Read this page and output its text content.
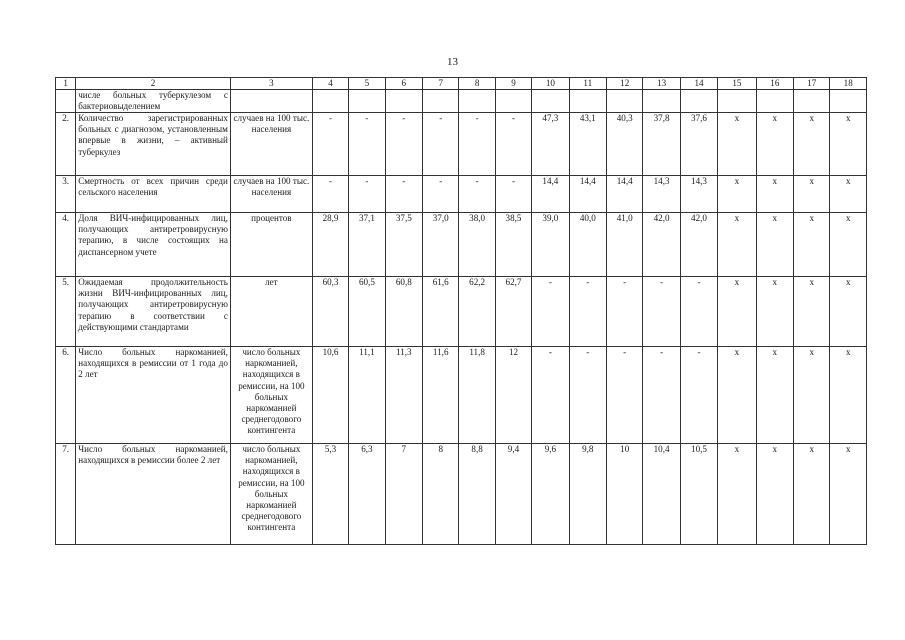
13
1	2	3	4	5	6	7	8	9	10	11	12	13	14	15	16	17	18
	числе больных туберкулезом с бактериовыделением																
2.	Количество зарегистрированных больных с диагнозом, установленным впервые в жизни, – активный туберкулез	случаев на 100 тыс. населения	-	-	-	-	-	-	47,3	43,1	40,3	37,8	37,6	x	x	x	x
3.	Смертность от всех причин среди сельского населения	случаев на 100 тыс. населения	-	-	-	-	-	-	14,4	14,4	14,4	14,3	14,3	x	x	x	x
4.	Доля ВИЧ-инфицированных лиц, получающих антиретровирусную терапию, в числе состоящих на диспансерном учете	процентов	28,9	37,1	37,5	37,0	38,0	38,5	39,0	40,0	41,0	42,0	42,0	x	x	x	x
5.	Ожидаемая продолжительность жизни ВИЧ-инфицированных лиц, получающих антиретровирусную терапию в соответствии с действующими стандартами	лет	60,3	60,5	60,8	61,6	62,2	62,7	-	-	-	-	-	x	x	x	x
6.	Число больных наркоманией, находящихся в ремиссии от 1 года до 2 лет	число больных наркоманией, находящихся в ремиссии, на 100 больных наркоманией среднегодового контингента	10,6	11,1	11,3	11,6	11,8	12	-	-	-	-	-	x	x	x	x
7.	Число больных наркоманией, находящихся в ремиссии более 2 лет	число больных наркоманией, находящихся в ремиссии, на 100 больных наркоманией среднегодового контингента	5,3	6,3	7	8	8,8	9,4	9,6	9,8	10	10,4	10,5	x	x	x	x
